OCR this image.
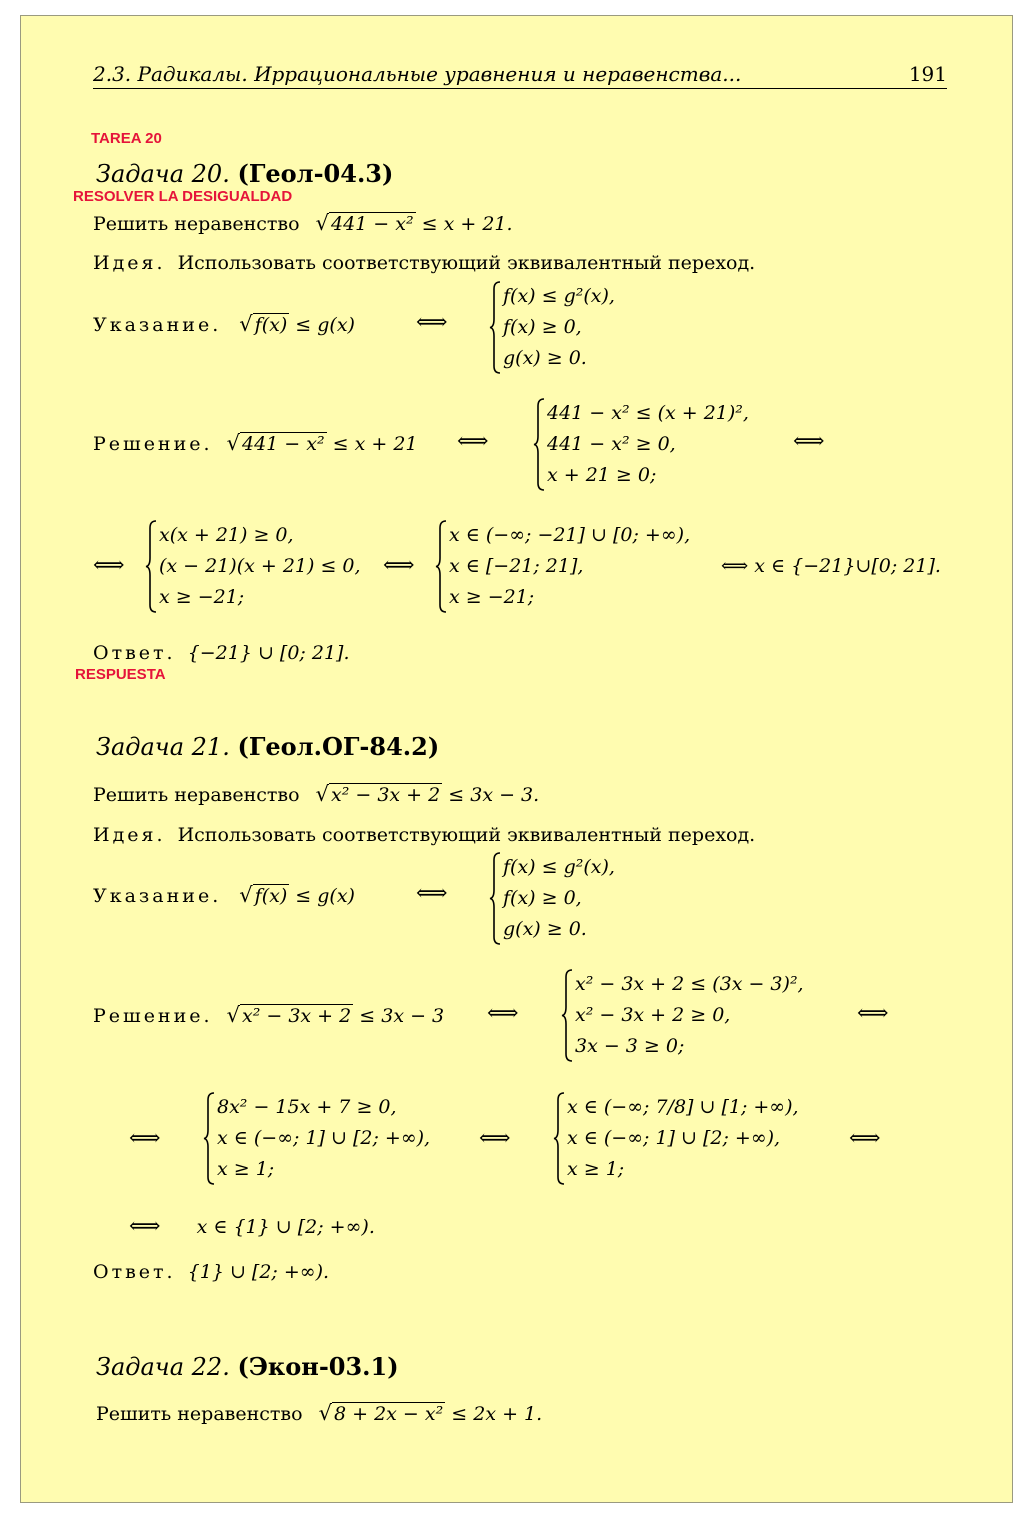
2.3. Радикалы. Иррациональные уравнения и неравенства...	191
TAREA 20
Задача 20. (Геол-04.3)
RESOLVER LA DESIGUALDAD
Решить неравенство √ 441 − x² ≤ x + 21.
Идея. Использовать соответствующий эквивалентный переход.
Указание. √ f(x) ≤ g(x)	⟺
f(x) ≤ g²(x),
f(x) ≥ 0,
g(x) ≥ 0.
Решение. √ 441 − x² ≤ x + 21 ⟺
441 − x² ≤ (x + 21)²,
441 − x² ≥ 0,
x + 21 ≥ 0;
⟺
⟺
x(x + 21) ≥ 0,
(x − 21)(x + 21) ≤ 0,
x ≥ −21;
⟺
x ∈ (−∞; −21] ∪ [0; +∞),
x ∈ [−21; 21],
x ≥ −21;
⟺ x ∈ {−21}∪[0; 21].
Ответ. {−21} ∪ [0; 21].
RESPUESTA
Задача 21. (Геол.ОГ-84.2)
Решить неравенство √ x² − 3x + 2 ≤ 3x − 3.
Идея. Использовать соответствующий эквивалентный переход.
Указание. √ f(x) ≤ g(x)	⟺
f(x) ≤ g²(x),
f(x) ≥ 0,
g(x) ≥ 0.
Решение. √ x² − 3x + 2 ≤ 3x − 3 ⟺
x² − 3x + 2 ≤ (3x − 3)²,
x² − 3x + 2 ≥ 0,
3x − 3 ≥ 0;
⟺
⟺
8x² − 15x + 7 ≥ 0,
x ∈ (−∞; 1] ∪ [2; +∞),
x ≥ 1;
⟺
x ∈ (−∞; 7/8] ∪ [1; +∞),
x ∈ (−∞; 1] ∪ [2; +∞),
x ≥ 1;
⟺
⟺ x ∈ {1} ∪ [2; +∞).
Ответ. {1} ∪ [2; +∞).
Задача 22. (Экон-03.1)
Решить неравенство √ 8 + 2x − x² ≤ 2x + 1.
